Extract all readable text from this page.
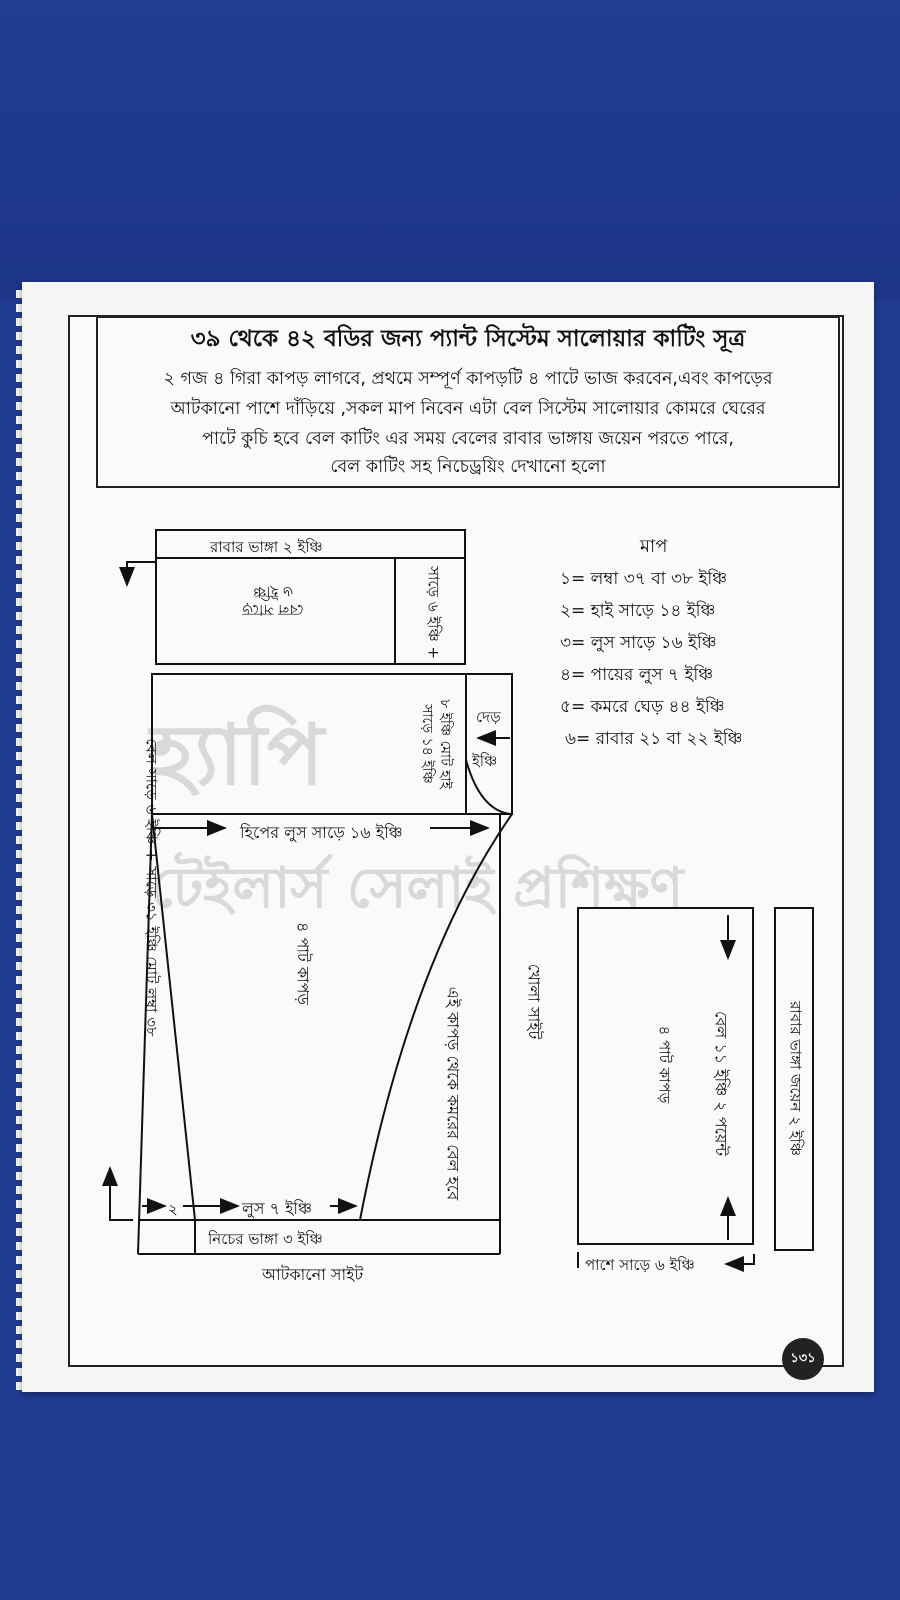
হ্যাপি
টেইলার্স সেলাই প্রশিক্ষণ
৩৯ থেকে ৪২ বডির জন্য প্যান্ট সিস্টেম সালোয়ার কাটিং সূত্র
২ গজ ৪ গিরা কাপড় লাগবে, প্রথমে সম্পূর্ণ কাপড়টি ৪ পাটে ভাজ করবেন,এবং কাপড়ের
আটকানো পাশে দাঁড়িয়ে ,সকল মাপ নিবেন এটা বেল সিস্টেম সালোয়ার কোমরে ঘেরের
পাটে কুচি হবে বেল কাটিং এর সময় বেলের রাবার ভাঙ্গায় জয়েন পরতে পারে,
বেল কাটিং সহ নিচেড্রয়িং দেখানো হলো
রাবার ভাঙ্গা ২ ইঞ্চি
বেল সাড়ে
৬ ইঞ্চি	সাড়ে ৬ ইঞ্চি +
৮ ইঞ্চি মোট হাই
সাড়ে ১৪ ইঞ্চি	দেড়
ইঞ্চি
হিপের লুস সাড়ে ১৬ ইঞ্চি
৪ পাট কাপড়
এই কাপড় থেকে কমরের বেল হবে	খোলা সাইট
বেল সাড়ে ৬ ইঞ্চি + সাড়ে ৩১ ইঞ্চি মোট লম্বা ৩৮
২	লুস ৭ ইঞ্চি
নিচের ভাঙ্গা ৩ ইঞ্চি
আটকানো সাইট
৪ পাট কাপড়	বেল ১১ ইঞ্চি ২ পয়েন্ট
পাশে সাড়ে ৬ ইঞ্চি
রাবার ভাঙ্গা জয়েন ২ ইঞ্চি
মাপ
১= লম্বা ৩৭ বা ৩৮ ইঞ্চি
২= হাই সাড়ে ১৪ ইঞ্চি
৩= লুস সাড়ে ১৬ ইঞ্চি
৪= পায়ের লুস ৭ ইঞ্চি
৫= কমরে ঘেড় ৪৪ ইঞ্চি
৬= রাবার ২১ বা ২২ ইঞ্চি
১৩১
